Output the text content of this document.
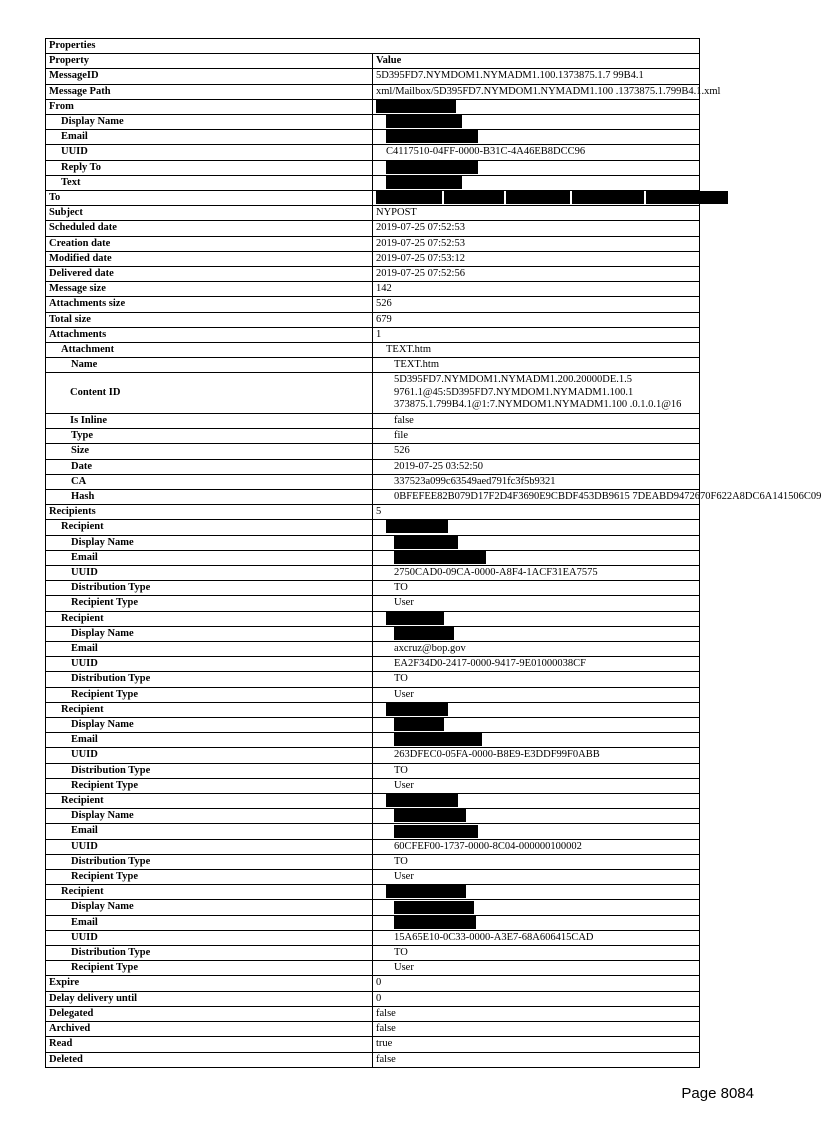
Properties	
Property	Value
MessageID	5D395FD7.NYMDOM1.NYMADM1.100.1373875.1.7 99B4.1
Message Path	xml/Mailbox/5D395FD7.NYMDOM1.NYMADM1.100 .1373875.1.799B4.1.xml
From	
Display Name	
Email	
UUID	C4117510-04FF-0000-B31C-4A46EB8DCC96
Reply To	
Text	
To	
Subject	NYPOST
Scheduled date	2019-07-25 07:52:53
Creation date	2019-07-25 07:52:53
Modified date	2019-07-25 07:53:12
Delivered date	2019-07-25 07:52:56
Message size	142
Attachments size	526
Total size	679
Attachments	1
Attachment	TEXT.htm
Name	TEXT.htm
Content ID	5D395FD7.NYMDOM1.NYMADM1.200.20000DE.1.5 9761.1@45:5D395FD7.NYMDOM1.NYMADM1.100.1 373875.1.799B4.1@1:7.NYMDOM1.NYMADM1.100 .0.1.0.1@16
Is Inline	false
Type	file
Size	526
Date	2019-07-25 03:52:50
CA	337523a099c63549aed791fc3f5b9321
Hash	0BFEFEE82B079D17F2D4F3690E9CBDF453DB9615 7DEABD9472670F622A8DC6A141506C09
Recipients	5
Recipient	
Display Name	
Email	
UUID	2750CAD0-09CA-0000-A8F4-1ACF31EA7575
Distribution Type	TO
Recipient Type	User
Recipient	
Display Name	
Email	axcruz@bop.gov
UUID	EA2F34D0-2417-0000-9417-9E01000038CF
Distribution Type	TO
Recipient Type	User
Recipient	
Display Name	
Email	
UUID	263DFEC0-05FA-0000-B8E9-E3DDF99F0ABB
Distribution Type	TO
Recipient Type	User
Recipient	
Display Name	
Email	
UUID	60CFEF00-1737-0000-8C04-000000100002
Distribution Type	TO
Recipient Type	User
Recipient	
Display Name	
Email	
UUID	15A65E10-0C33-0000-A3E7-68A606415CAD
Distribution Type	TO
Recipient Type	User
Expire	0
Delay delivery until	0
Delegated	false
Archived	false
Read	true
Deleted	false
Page 8084
